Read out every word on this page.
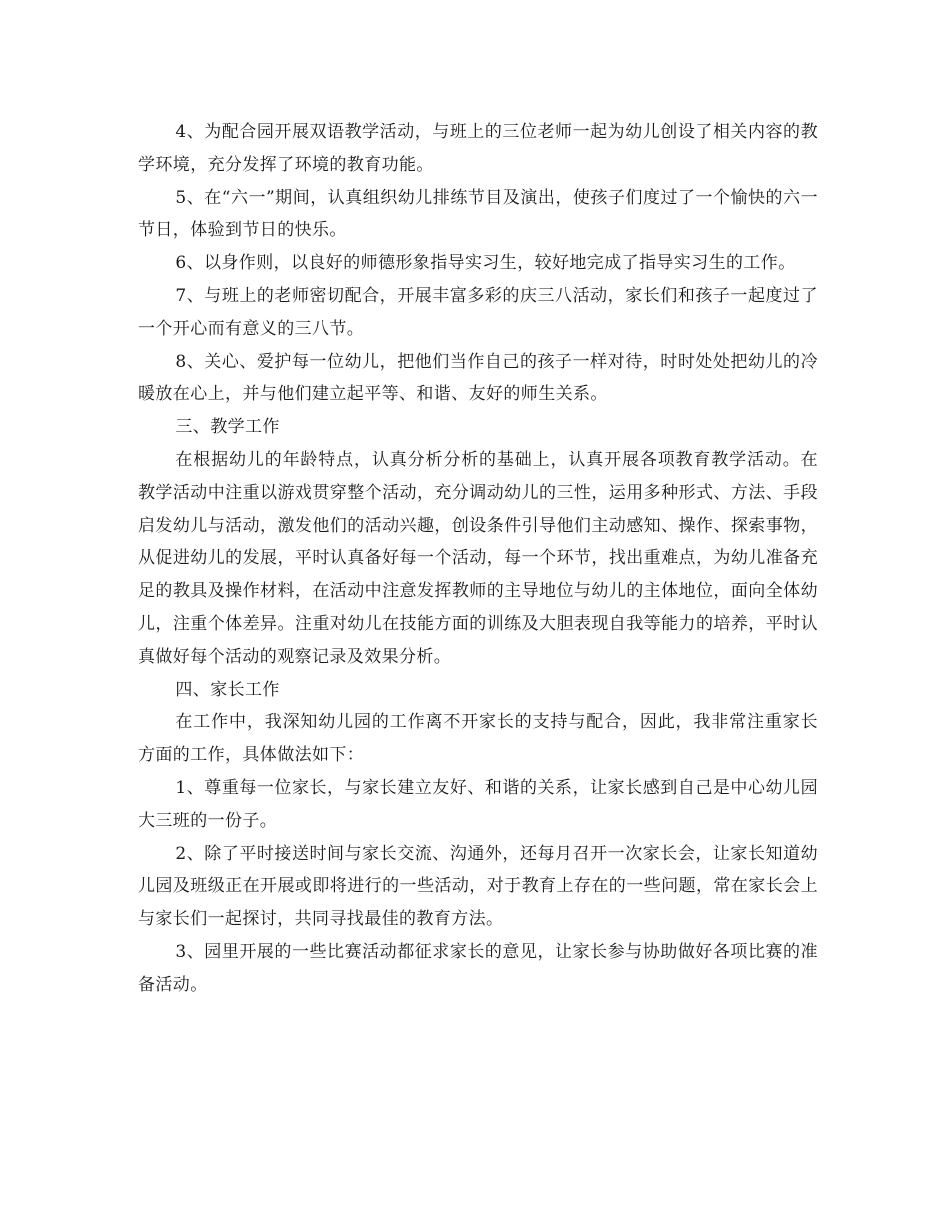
4、为配合园开展双语教学活动，与班上的三位老师一起为幼儿创设了相关内容的教学环境，充分发挥了环境的教育功能。

5、在“六一”期间，认真组织幼儿排练节目及演出，使孩子们度过了一个愉快的六一节日，体验到节日的快乐。

6、以身作则，以良好的师德形象指导实习生，较好地完成了指导实习生的工作。

7、与班上的老师密切配合，开展丰富多彩的庆三八活动，家长们和孩子一起度过了一个开心而有意义的三八节。

8、关心、爱护每一位幼儿，把他们当作自己的孩子一样对待，时时处处把幼儿的冷暖放在心上，并与他们建立起平等、和谐、友好的师生关系。

三、教学工作

在根据幼儿的年龄特点，认真分析分析的基础上，认真开展各项教育教学活动。在教学活动中注重以游戏贯穿整个活动，充分调动幼儿的三性，运用多种形式、方法、手段启发幼儿与活动，激发他们的活动兴趣，创设条件引导他们主动感知、操作、探索事物，从促进幼儿的发展，平时认真备好每一个活动，每一个环节，找出重难点，为幼儿准备充足的教具及操作材料，在活动中注意发挥教师的主导地位与幼儿的主体地位，面向全体幼儿，注重个体差异。注重对幼儿在技能方面的训练及大胆表现自我等能力的培养，平时认真做好每个活动的观察记录及效果分析。

四、家长工作

在工作中，我深知幼儿园的工作离不开家长的支持与配合，因此，我非常注重家长方面的工作，具体做法如下：

1、尊重每一位家长，与家长建立友好、和谐的关系，让家长感到自己是中心幼儿园大三班的一份子。

2、除了平时接送时间与家长交流、沟通外，还每月召开一次家长会，让家长知道幼儿园及班级正在开展或即将进行的一些活动，对于教育上存在的一些问题，常在家长会上与家长们一起探讨，共同寻找最佳的教育方法。

3、园里开展的一些比赛活动都征求家长的意见，让家长参与协助做好各项比赛的准备活动。
